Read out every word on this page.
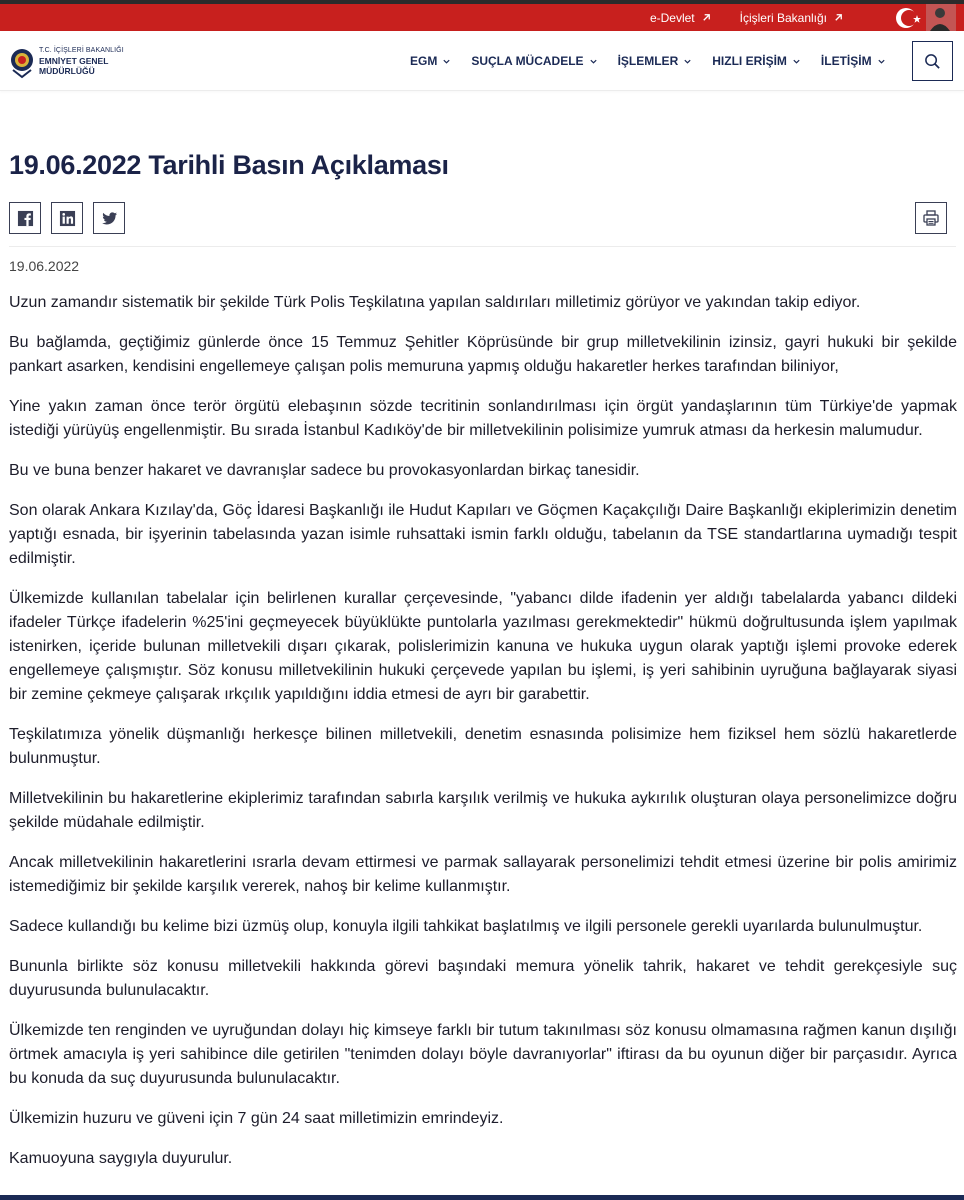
e-Devlet	İçişleri Bakanlığı
T.C. İÇİŞLERİ BAKANLIĞI
EMNİYET GENEL
MÜDÜRLÜĞÜ
EGM	SUÇLA MÜCADELE	İŞLEMLER	HIZLI ERİŞİM	İLETİŞİM
19.06.2022 Tarihli Basın Açıklaması
19.06.2022

Uzun zamandır sistematik bir şekilde Türk Polis Teşkilatına yapılan saldırıları milletimiz görüyor ve yakından takip ediyor.

Bu bağlamda, geçtiğimiz günlerde önce 15 Temmuz Şehitler Köprüsünde bir grup milletvekilinin izinsiz, gayri hukuki bir şekilde pankart asarken, kendisini engellemeye çalışan polis memuruna yapmış olduğu hakaretler herkes tarafından biliniyor,

Yine yakın zaman önce terör örgütü elebaşının sözde tecritinin sonlandırılması için örgüt yandaşlarının tüm Türkiye'de yapmak istediği yürüyüş engellenmiştir. Bu sırada İstanbul Kadıköy'de bir milletvekilinin polisimize yumruk atması da herkesin malumudur.

Bu ve buna benzer hakaret ve davranışlar sadece bu provokasyonlardan birkaç tanesidir.

Son olarak Ankara Kızılay'da, Göç İdaresi Başkanlığı ile Hudut Kapıları ve Göçmen Kaçakçılığı Daire Başkanlığı ekiplerimizin denetim yaptığı esnada, bir işyerinin tabelasında yazan isimle ruhsattaki ismin farklı olduğu, tabelanın da TSE standartlarına uymadığı tespit edilmiştir.

Ülkemizde kullanılan tabelalar için belirlenen kurallar çerçevesinde, "yabancı dilde ifadenin yer aldığı tabelalarda yabancı dildeki ifadeler Türkçe ifadelerin %25'ini geçmeyecek büyüklükte puntolarla yazılması gerekmektedir" hükmü doğrultusunda işlem yapılmak istenirken, içeride bulunan milletvekili dışarı çıkarak, polislerimizin kanuna ve hukuka uygun olarak yaptığı işlemi provoke ederek engellemeye çalışmıştır. Söz konusu milletvekilinin hukuki çerçevede yapılan bu işlemi, iş yeri sahibinin uyruğuna bağlayarak siyasi bir zemine çekmeye çalışarak ırkçılık yapıldığını iddia etmesi de ayrı bir garabettir.

Teşkilatımıza yönelik düşmanlığı herkesçe bilinen milletvekili, denetim esnasında polisimize hem fiziksel hem sözlü hakaretlerde bulunmuştur.

Milletvekilinin bu hakaretlerine ekiplerimiz tarafından sabırla karşılık verilmiş ve hukuka aykırılık oluşturan olaya personelimizce doğru şekilde müdahale edilmiştir.

Ancak milletvekilinin hakaretlerini ısrarla devam ettirmesi ve parmak sallayarak personelimizi tehdit etmesi üzerine bir polis amirimiz istemediğimiz bir şekilde karşılık vererek, nahoş bir kelime kullanmıştır.

Sadece kullandığı bu kelime bizi üzmüş olup, konuyla ilgili tahkikat başlatılmış ve ilgili personele gerekli uyarılarda bulunulmuştur.

Bununla birlikte söz konusu milletvekili hakkında görevi başındaki memura yönelik tahrik, hakaret ve tehdit gerekçesiyle suç duyurusunda bulunulacaktır.

Ülkemizde ten renginden ve uyruğundan dolayı hiç kimseye farklı bir tutum takınılması söz konusu olmamasına rağmen kanun dışılığı örtmek amacıyla iş yeri sahibince dile getirilen "tenimden dolayı böyle davranıyorlar" iftirası da bu oyunun diğer bir parçasıdır. Ayrıca bu konuda da suç duyurusunda bulunulacaktır.

Ülkemizin huzuru ve güveni için 7 gün 24 saat milletimizin emrindeyiz.

Kamuoyuna saygıyla duyurulur.
